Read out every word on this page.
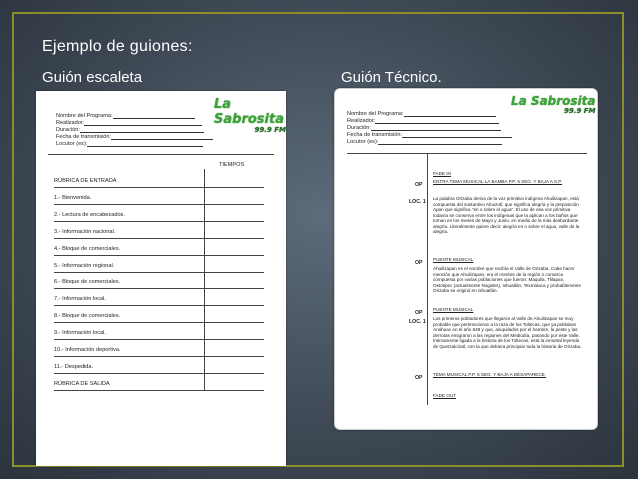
Ejemplo de guiones:
Guión escaleta	Guión Técnico.
La Sabrosita
99.9 FM
Nombre del Programa:
Realizador:
Duración:
Fecha de transmisión:
Locutor (es):
TIEMPOS
RÚBRICA DE ENTRADA
1.- Bienvenida.
2.- Lectura de encabezados.
3.- Información nacional.
4.- Bloque de comerciales.
5.- Información regional.
6.- Bloque de comerciales.
7.- Información local.
8.- Bloque de comerciales.
9.- Información local.
10.- Información deportiva.
11.- Despedida.
RÚBRICA DE SALIDA
La Sabrosita
99.9 FM
Nombre del Programa:
Realizador:
Duración:
Fecha de transmisión:
Locutor (es):
FADE IN
OP
ENTRA TEMA MUSICAL LA BAMBA P.P. 5 SEG. Y BAJA A S.P.
LOC. 1
La palabra Orizaba deriva de la voz primitiva indígena Ahuilizapan, está compuesta del sustantivo Ahuizotl, que significa alegría y la preposición Apan que significa "en o sobre el agua". El uso de esa voz primitiva todavía se conserva entre los indígenas que la aplican a los baños que toman en los meses de Mayo y Junio, en medio de la más desbordante alegría. Literalmente quiere decir: alegría en o sobre el agua, valle de la alegría.
OP
PUENTE MUSICAL
Ahuilizapan es el nombre que recibía el Valle de Orizaba. Cabe hacer mención que Ahuilizapan, era el nombre de la región o comarca compuesta por varias poblaciones que fueron: Maquila, Tlilapan, Ostotipec (actualmente Nogales), Ixhuatlán, Texmalaca y probablemente Orizaba se originó en Ixhuatlán.
OP
PUENTE MUSICAL
LOC. 1
Los primeros pobladores que llegaron al Valle de Ahuilizapan se muy probable que pertenecieran a la raza de los Toltecas, que ya poblaban Anáhuac en el año 648 y que, aniquilados por el hambre, la peste y las derrotas emigraron a las regiones del Mediodía, pasando por este Valle. Íntimamente ligada a la historia de los Toltecas, está la inmortal leyenda de Quetzalcóatl, con la que debiera principiar toda la historia de Orizaba.
OP
TEMA MUSICAL P.P. 5 SEG. Y BAJA A DESAPARECE.
FADE OUT
